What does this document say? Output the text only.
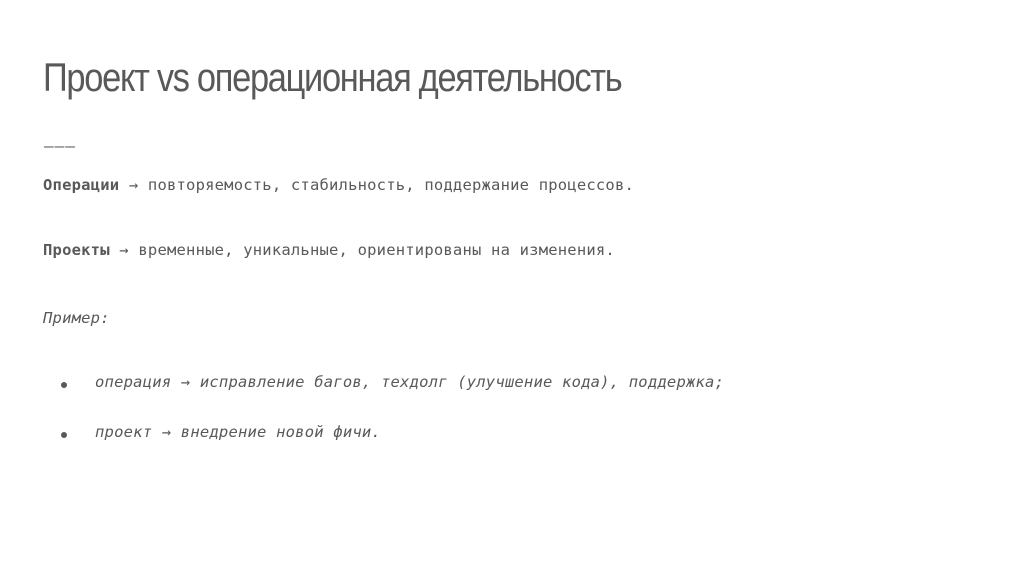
Проект vs операционная деятельность
———
Операции → повторяемость, стабильность, поддержание процессов.
Проекты → временные, уникальные, ориентированы на изменения.
Пример:
операция → исправление багов, техдолг (улучшение кода), поддержка;
проект → внедрение новой фичи.
